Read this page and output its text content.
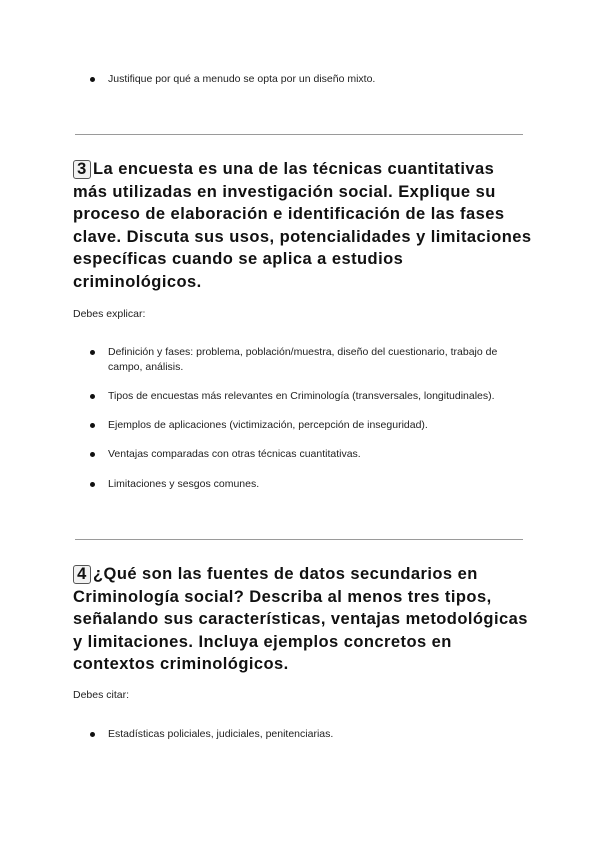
Justifique por qué a menudo se opta por un diseño mixto.
3 La encuesta es una de las técnicas cuantitativas más utilizadas en investigación social. Explique su proceso de elaboración e identificación de las fases clave. Discuta sus usos, potencialidades y limitaciones específicas cuando se aplica a estudios criminológicos.
Debes explicar:
Definición y fases: problema, población/muestra, diseño del cuestionario, trabajo de campo, análisis.
Tipos de encuestas más relevantes en Criminología (transversales, longitudinales).
Ejemplos de aplicaciones (victimización, percepción de inseguridad).
Ventajas comparadas con otras técnicas cuantitativas.
Limitaciones y sesgos comunes.
4 ¿Qué son las fuentes de datos secundarios en Criminología social? Describa al menos tres tipos, señalando sus características, ventajas metodológicas y limitaciones. Incluya ejemplos concretos en contextos criminológicos.
Debes citar:
Estadísticas policiales, judiciales, penitenciarias.
